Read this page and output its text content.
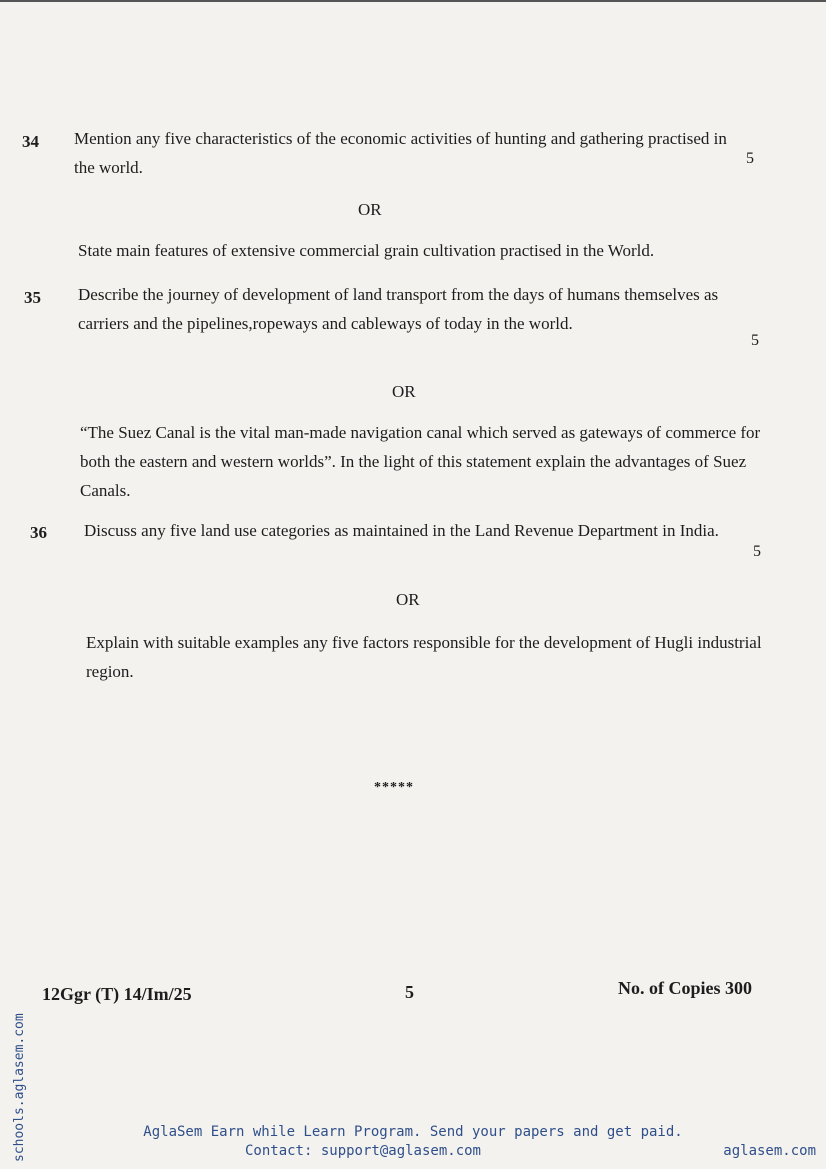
34 Mention any five characteristics of the economic activities of hunting and gathering practised in the world.	5
OR
State main features of extensive commercial grain cultivation practised in the World.
35 Describe the journey of development of land transport from the days of humans themselves as carriers and the pipelines,ropeways and cableways of today in the world.
5
OR
“The Suez Canal is the vital man-made navigation canal which served as gateways of commerce for both the eastern and western worlds”. In the light of this statement explain the advantages of Suez Canals.
36 Discuss any five land use categories as maintained in the Land Revenue Department in India.
5
OR
Explain with suitable examples any five factors responsible for the development of Hugli industrial region.
*****
12Ggr (T) 14/Im/25	5	No. of Copies 300
schools.aglasem.com	AglaSem Earn while Learn Program. Send your papers and get paid.
Contact: support@aglasem.com	aglasem.com
